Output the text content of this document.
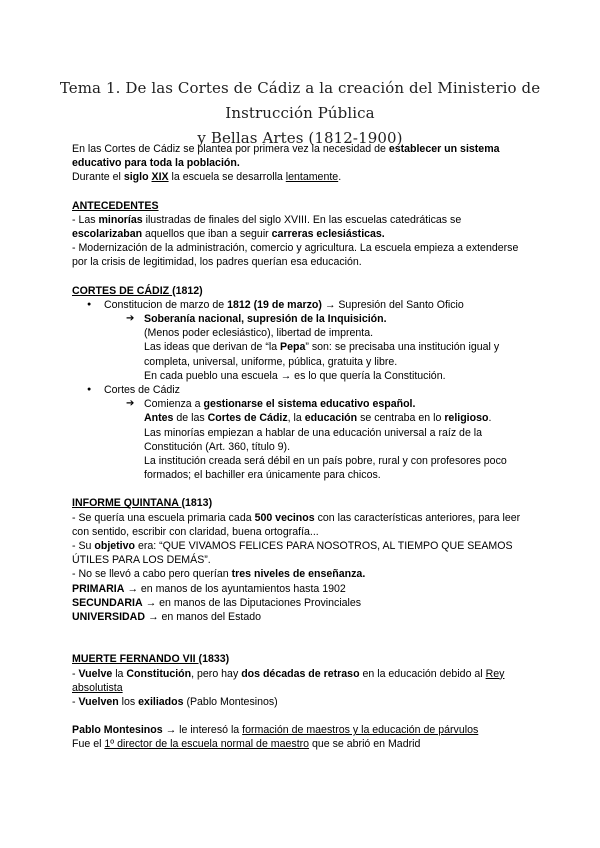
Tema 1. De las Cortes de Cádiz a la creación del Ministerio de Instrucción Pública
y Bellas Artes (1812-1900)

En las Cortes de Cádiz se plantea por primera vez la necesidad de establecer un sistema educativo para toda la población.

Durante el siglo XIX la escuela se desarrolla lentamente.

ANTECEDENTES

- Las minorías ilustradas de finales del siglo XVIII. En las escuelas catedráticas se escolarizaban aquellos que iban a seguir carreras eclesiásticas.

- Modernización de la administración, comercio y agricultura. La escuela empieza a extenderse por la crisis de legitimidad, los padres querían esa educación.

CORTES DE CÁDIZ (1812)

● Constitucion de marzo de 1812 (19 de marzo) → Supresión del Santo Oficio
➔ Soberanía nacional, supresión de la Inquisición.

(Menos poder eclesiástico), libertad de imprenta.

Las ideas que derivan de “la Pepa” son: se precisaba una institución igual y completa, universal, uniforme, pública, gratuita y libre.

En cada pueblo una escuela → es lo que quería la Constitución.

● Cortes de Cádiz
➔ Comienza a gestionarse el sistema educativo español.

Antes de las Cortes de Cádiz, la educación se centraba en lo religioso.

Las minorías empiezan a hablar de una educación universal a raíz de la Constitución (Art. 360, título 9).

La institución creada será débil en un país pobre, rural y con profesores poco formados; el bachiller era únicamente para chicos.

INFORME QUINTANA (1813)

- Se quería una escuela primaria cada 500 vecinos con las características anteriores, para leer con sentido, escribir con claridad, buena ortografía...

- Su objetivo era: “QUE VIVAMOS FELICES PARA NOSOTROS, AL TIEMPO QUE SEAMOS ÚTILES PARA LOS DEMÁS”.

- No se llevó a cabo pero querían tres niveles de enseñanza.

PRIMARIA → en manos de los ayuntamientos hasta 1902

SECUNDARIA → en manos de las Diputaciones Provinciales

UNIVERSIDAD → en manos del Estado

MUERTE FERNANDO VII (1833)

- Vuelve la Constitución, pero hay dos décadas de retraso en la educación debido al Rey absolutista

- Vuelven los exiliados (Pablo Montesinos)

Pablo Montesinos → le interesó la formación de maestros y la educación de párvulos

Fue el 1º director de la escuela normal de maestro que se abrió en Madrid
